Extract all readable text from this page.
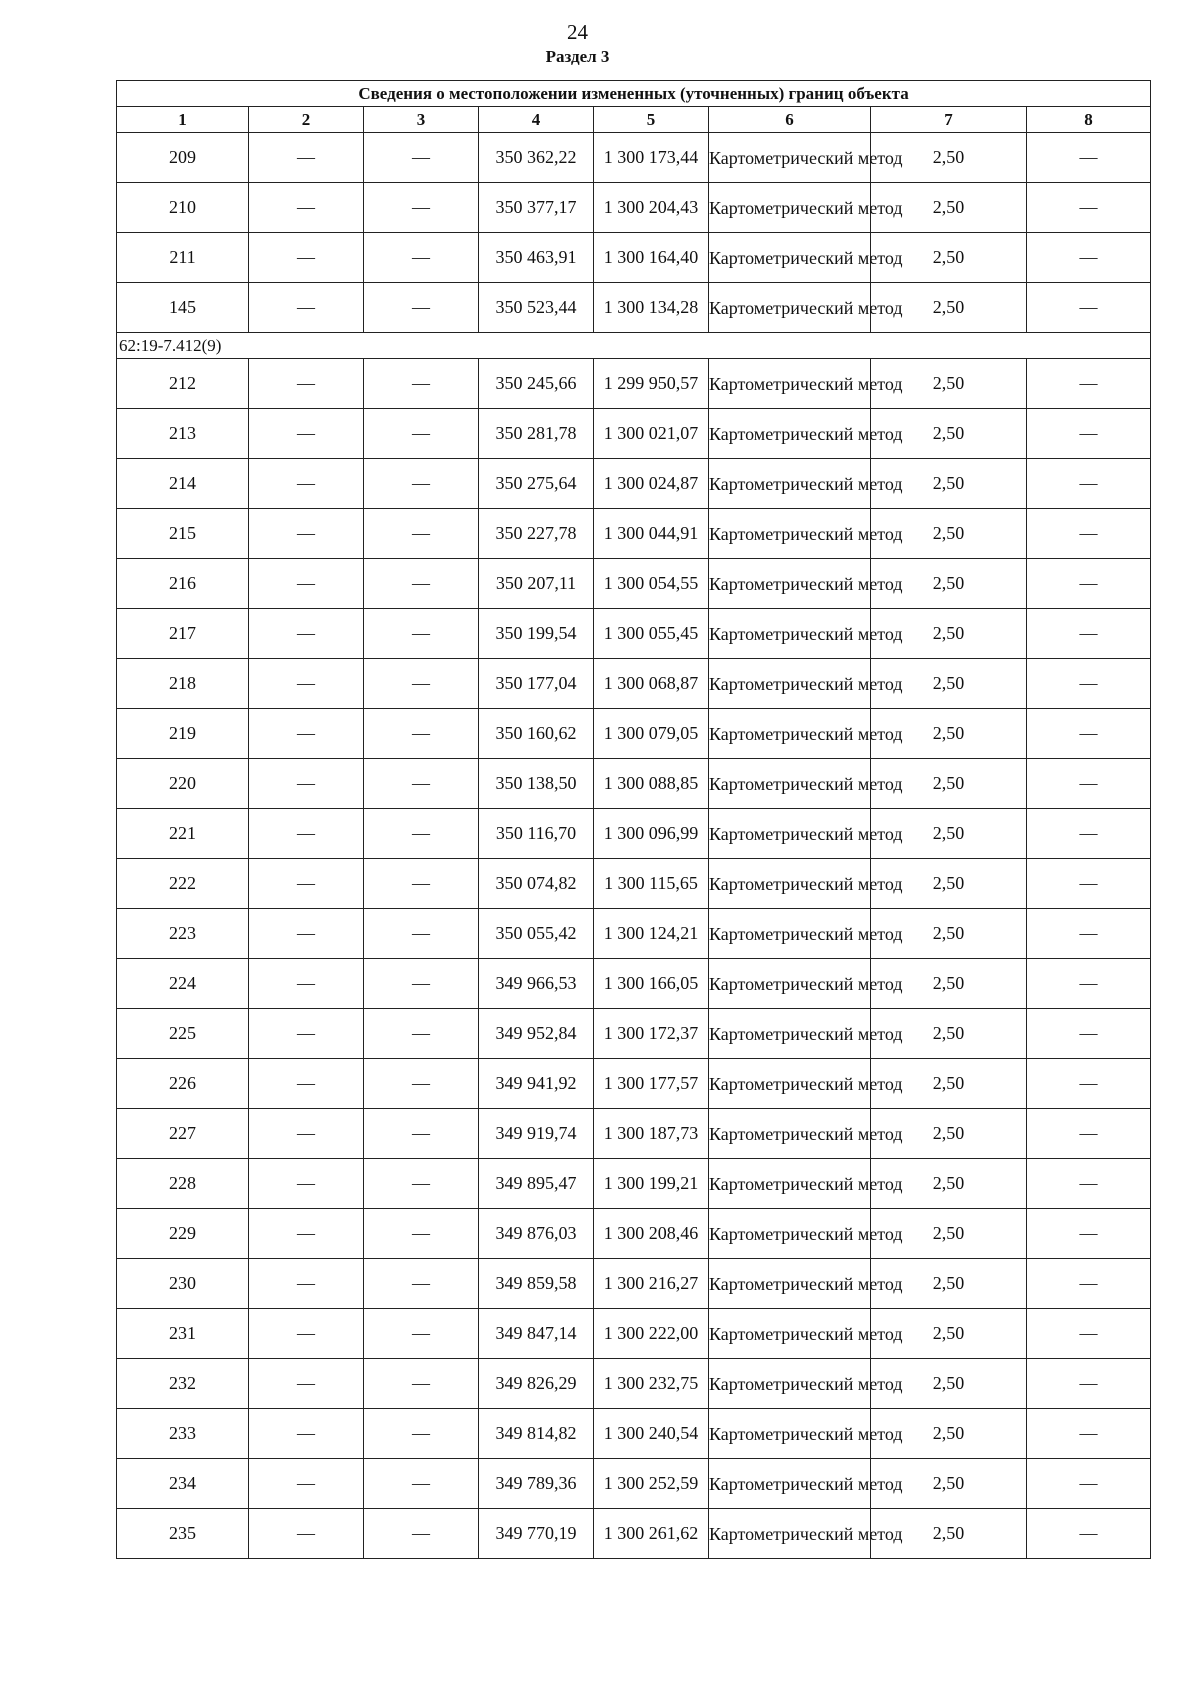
24
Раздел 3
Сведения о местоположении измененных (уточненных) границ объекта							
1	2	3	4	5	6	7	8
209	—	—	350 362,22	1 300 173,44	Картометрический метод	2,50	—
210	—	—	350 377,17	1 300 204,43	Картометрический метод	2,50	—
211	—	—	350 463,91	1 300 164,40	Картометрический метод	2,50	—
145	—	—	350 523,44	1 300 134,28	Картометрический метод	2,50	—
62:19-7.412(9)							
212	—	—	350 245,66	1 299 950,57	Картометрический метод	2,50	—
213	—	—	350 281,78	1 300 021,07	Картометрический метод	2,50	—
214	—	—	350 275,64	1 300 024,87	Картометрический метод	2,50	—
215	—	—	350 227,78	1 300 044,91	Картометрический метод	2,50	—
216	—	—	350 207,11	1 300 054,55	Картометрический метод	2,50	—
217	—	—	350 199,54	1 300 055,45	Картометрический метод	2,50	—
218	—	—	350 177,04	1 300 068,87	Картометрический метод	2,50	—
219	—	—	350 160,62	1 300 079,05	Картометрический метод	2,50	—
220	—	—	350 138,50	1 300 088,85	Картометрический метод	2,50	—
221	—	—	350 116,70	1 300 096,99	Картометрический метод	2,50	—
222	—	—	350 074,82	1 300 115,65	Картометрический метод	2,50	—
223	—	—	350 055,42	1 300 124,21	Картометрический метод	2,50	—
224	—	—	349 966,53	1 300 166,05	Картометрический метод	2,50	—
225	—	—	349 952,84	1 300 172,37	Картометрический метод	2,50	—
226	—	—	349 941,92	1 300 177,57	Картометрический метод	2,50	—
227	—	—	349 919,74	1 300 187,73	Картометрический метод	2,50	—
228	—	—	349 895,47	1 300 199,21	Картометрический метод	2,50	—
229	—	—	349 876,03	1 300 208,46	Картометрический метод	2,50	—
230	—	—	349 859,58	1 300 216,27	Картометрический метод	2,50	—
231	—	—	349 847,14	1 300 222,00	Картометрический метод	2,50	—
232	—	—	349 826,29	1 300 232,75	Картометрический метод	2,50	—
233	—	—	349 814,82	1 300 240,54	Картометрический метод	2,50	—
234	—	—	349 789,36	1 300 252,59	Картометрический метод	2,50	—
235	—	—	349 770,19	1 300 261,62	Картометрический метод	2,50	—
